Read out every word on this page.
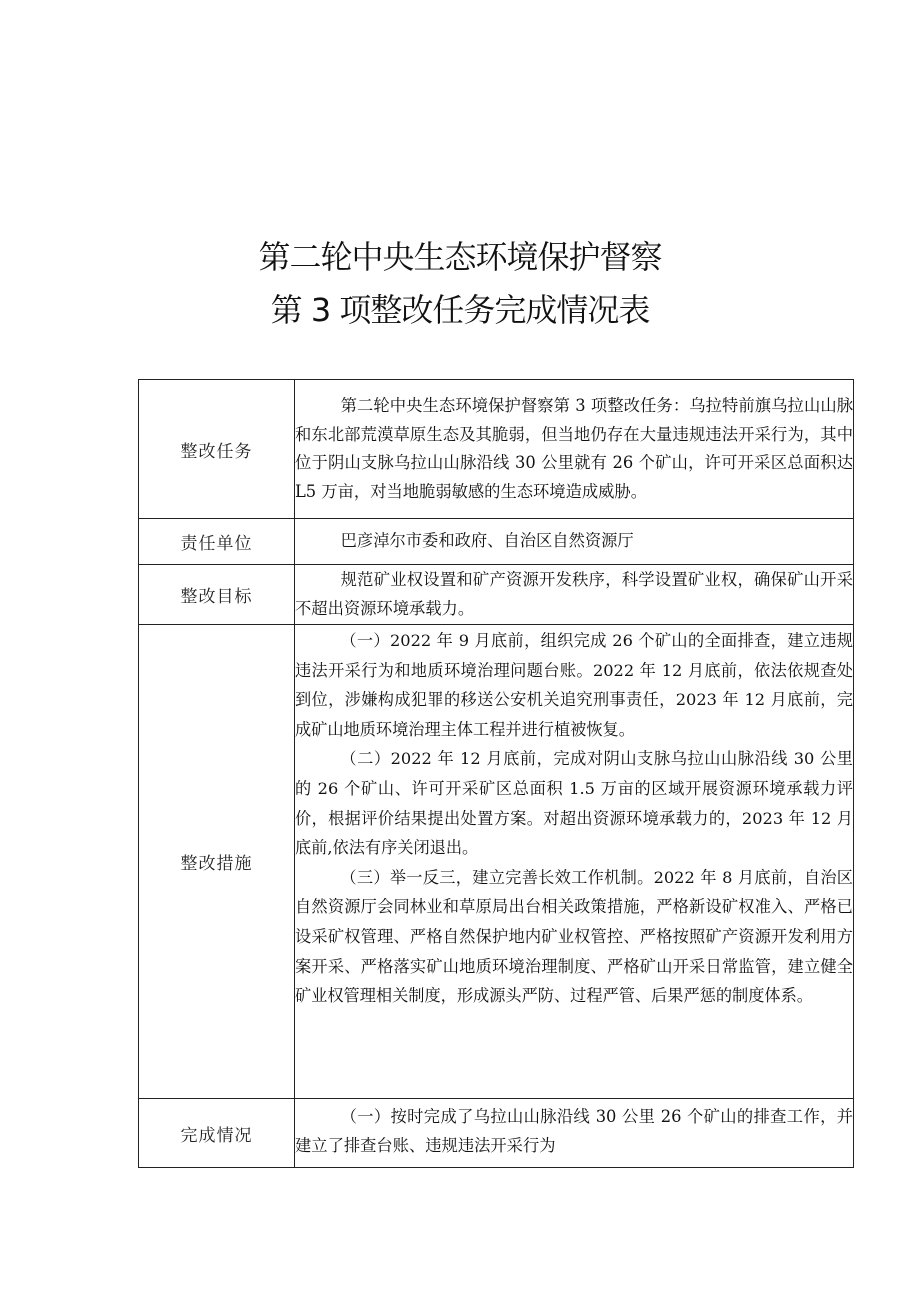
第二轮中央生态环境保护督察
第 3 项整改任务完成情况表
整改任务	第二轮中央生态环境保护督察第 3 项整改任务：乌拉特前旗乌拉山山脉和东北部荒漠草原生态及其脆弱，但当地仍存在大量违规违法开采行为，其中位于阴山支脉乌拉山山脉沿线 30 公里就有 26 个矿山，许可开采区总面积达 L5 万亩，对当地脆弱敏感的生态环境造成威胁。

责任单位	巴彦淖尔市委和政府、自治区自然资源厅

整改目标	规范矿业权设置和矿产资源开发秩序，科学设置矿业权，确保矿山开采不超出资源环境承载力。

整改措施	（一）2022 年 9 月底前，组织完成 26 个矿山的全面排查，建立违规违法开采行为和地质环境治理问题台账。2022 年 12 月底前，依法依规查处到位，涉嫌构成犯罪的移送公安机关追究刑事责任，2023 年 12 月底前，完成矿山地质环境治理主体工程并进行植被恢复。

（二）2022 年 12 月底前，完成对阴山支脉乌拉山山脉沿线 30 公里的 26 个矿山、许可开采矿区总面积 1.5 万亩的区域开展资源环境承载力评价，根据评价结果提出处置方案。对超出资源环境承载力的，2023 年 12 月底前,依法有序关闭退出。

（三）举一反三，建立完善长效工作机制。2022 年 8 月底前，自治区自然资源厅会同林业和草原局出台相关政策措施，严格新设矿权准入、严格已设采矿权管理、严格自然保护地内矿业权管控、严格按照矿产资源开发利用方案开采、严格落实矿山地质环境治理制度、严格矿山开采日常监管，建立健全矿业权管理相关制度，形成源头严防、过程严管、后果严惩的制度体系。

完成情况	（一）按时完成了乌拉山山脉沿线 30 公里 26 个矿山的排查工作，并建立了排查台账、违规违法开采行为
